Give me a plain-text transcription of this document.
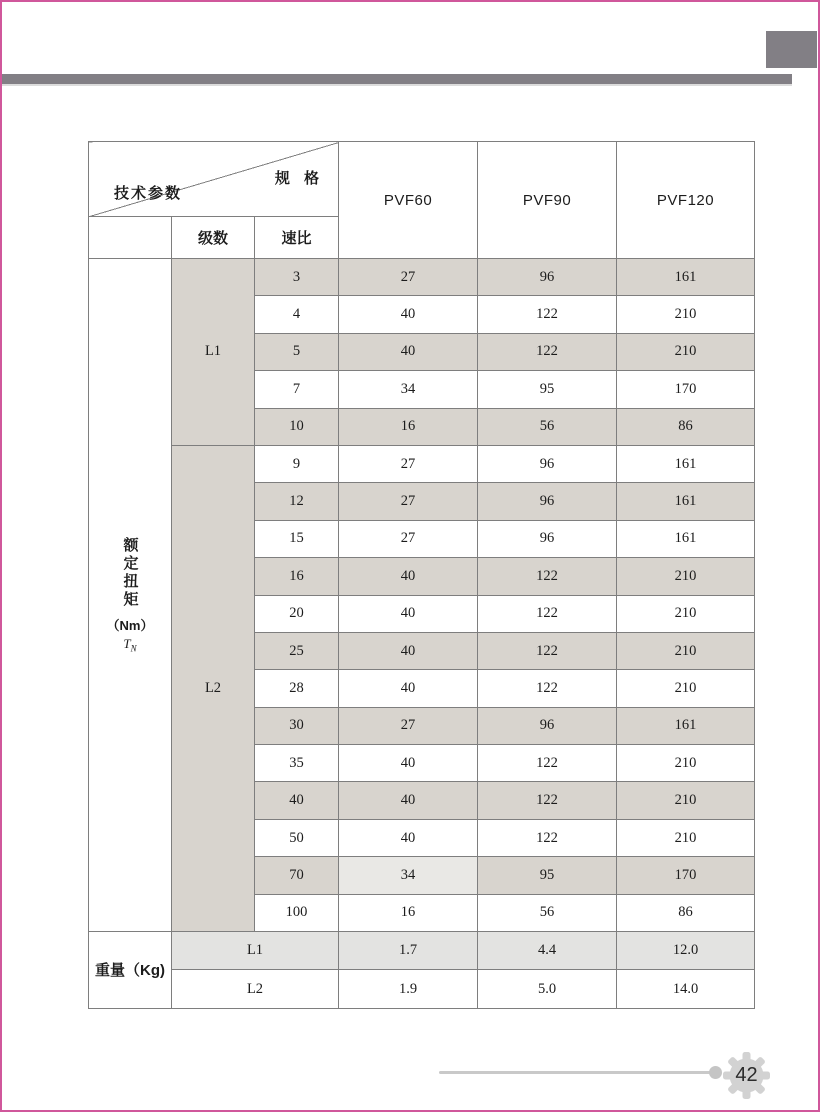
规 格
技术参数			PVF60	PVF90	PVF120
	级数	速比			

额定扭矩
（Nm）
$T_N$	L1	3	27	96	161
		4	40	122	210
		5	40	122	210
		7	34	95	170
		10	16	56	86
	L2	9	27	96	161
		12	27	96	161
		15	27	96	161
		16	40	122	210
		20	40	122	210
		25	40	122	210
		28	40	122	210
		30	27	96	161
		35	40	122	210
		40	40	122	210
		50	40	122	210
		70	34	95	170
		100	16	56	86
重量（Kg)	L1		1.7	4.4	12.0
	L2		1.9	5.0	14.0
42
